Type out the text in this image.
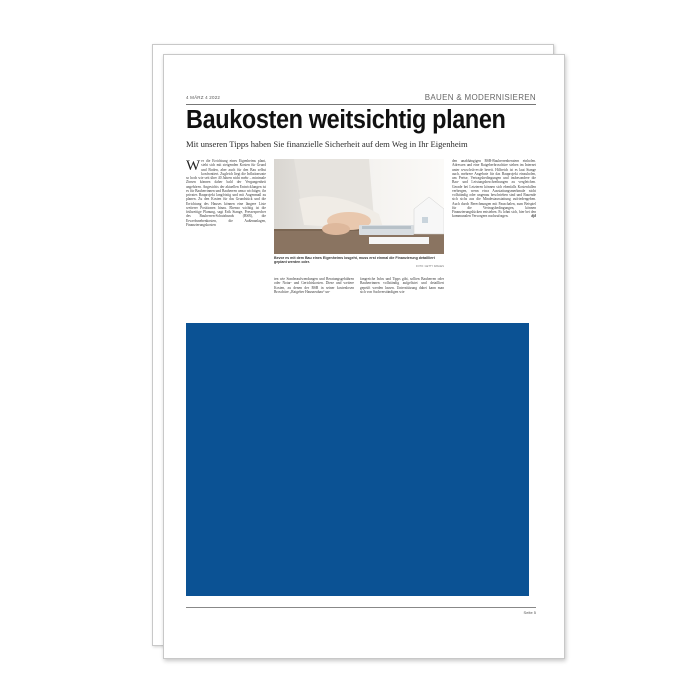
4 MÄRZ 4 2022	BAUEN & MODERNISIEREN
Baukosten weitsichtig planen
Mit unseren Tipps haben Sie finanzielle Sicherheit auf dem Weg in Ihr Eigenheim
W er die Errichtung eines Eigenheims plant, sieht sich mit steigenden Kosten für Grund und Boden, aber auch für den Bau selbst konfrontiert. Zugleich liegt die Inflationsrate so hoch wie seit über 40 Jahren nicht mehr – minimale Zinsen können daher bald der Vergangenheit angehören. Angesichts der aktuellen Entwicklungen ist es für Bauherrinnen und Bauherren umso wichtiger, ihr privates Bauprojekt langfristig und mit Augenmaß zu planen. Zu den Kosten für das Grundstück und die Errichtung des Hauses können eine längere Liste weiterer Positionen hinzu. Ebenso wichtig ist die frühzeitige Planung, sagt Erik Stange, Pressesprecher des Bauherren-Schutzbunds (BSB), die Erwerbsnebenkosten, die Außenanlagen, Finanzierungskosten
Bevor es mit dem Bau eines Eigenheims losgeht, muss erst einmal die Finanzierung detailliert geplant werden oder.
FOTO: GETTY IMAGES
ten wie Sonderaufwendungen und Beratungsgebühren oder Notar- und Gerichtskosten. Diese und weitere Kosten, zu denen der BSB in seiner kostenlosen Broschüre „Ratgeber Hausneubau“ un-
fangreiche Infos und Tipps gibt, sollten Bauherren oder Bauherrinnen vollständig aufgelistet und detailliert geprüft werden lassen. Unterstützung dabei kann man sich von Sachverständigen wie
den unabhängigen BSB-Bauherrenberatern einholen. Adressen und eine Ratgeberbroschüre stehen im Internet unter www.bsb-ev.de bereit. Hilfreich ist es laut Stange auch, mehrere Angebote für das Bauprojekt einzuholen, um Preise, Vertragsbedingungen und insbesondere die Bau- und Leistungsbeschreibungen zu vergleichen. Gerade bei Letzteren können sich ebenfalls Kostenfallen verbergen, wenn etwa Ausstattungsmerkmale nicht vollständig oder ungenau beschrieben sind und Bauende sich sichs aus die Mindestausstattung zufriedengeben. Auch durch Berechnungen mit Pauschalen, zum Beispiel für die Vertragsbedingungen, können Finanzierungslücken entstehen. Es lohnt sich, hier bei den kommunalen Versorgern nachzufragen.	djd
Seite 5
